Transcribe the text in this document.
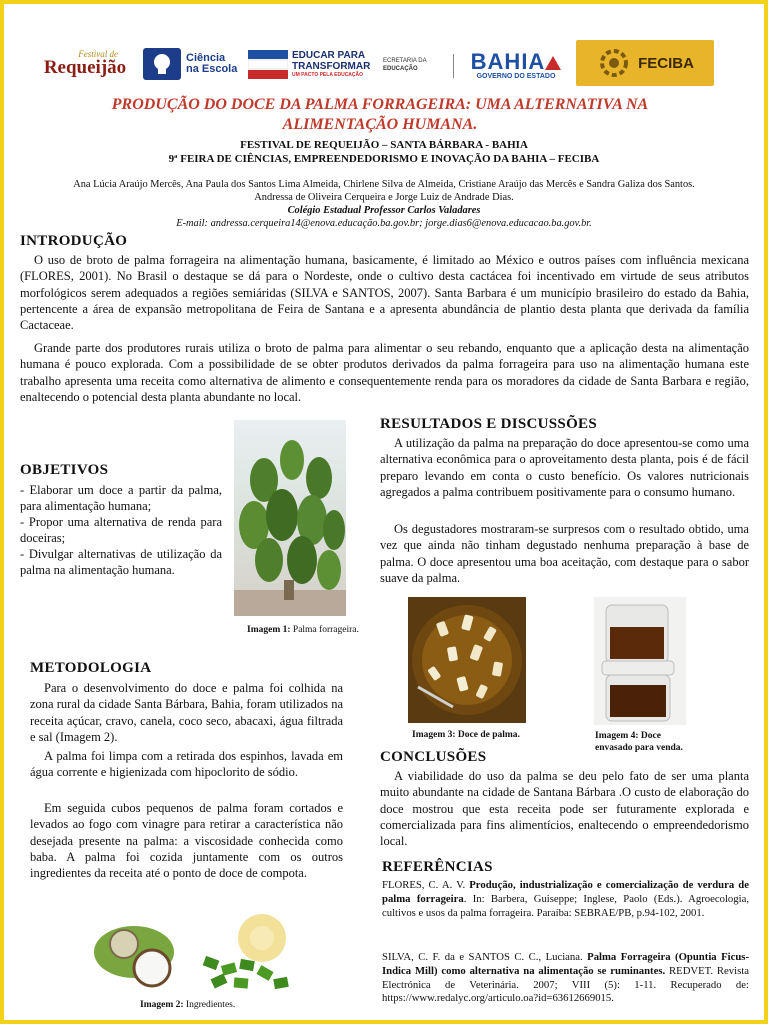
Festival de
Requeijão	Ciência
na Escola
EDUCAR PARA
TRANSFORMAR
UM PACTO PELA EDUCAÇÃO
ECRETARIA DA
EDUCAÇÃO BAHIA
GOVERNO DO ESTADO
FECIBA
PRODUÇÃO DO DOCE DA PALMA FORRAGEIRA: UMA ALTERNATIVA NA
ALIMENTAÇÃO HUMANA.
FESTIVAL DE REQUEIJÃO – SANTA BÁRBARA - BAHIA
9ª FEIRA DE CIÊNCIAS, EMPREENDEDORISMO E INOVAÇÃO DA BAHIA – FECIBA
Ana Lúcia Araújo Mercês, Ana Paula dos Santos Lima Almeida, Chirlene Silva de Almeida, Cristiane Araújo das Mercês e Sandra Galiza dos Santos.
Andressa de Oliveira Cerqueira e Jorge Luiz de Andrade Dias.
Colégio Estadual Professor Carlos Valadares
E-mail: andressa.cerqueira14@enova.educação.ba.gov.br; jorge.dias6@enova.educacao.ba.gov.br.
INTRODUÇÃO

O uso de broto de palma forrageira na alimentação humana, basicamente, é limitado ao México e outros países com influência mexicana (FLORES, 2001). No Brasil o destaque se dá para o Nordeste, onde o cultivo desta cactácea foi incentivado em virtude de seus atributos morfológicos serem adequados a regiões semiáridas (SILVA e SANTOS, 2007). Santa Barbara é um município brasileiro do estado da Bahia, pertencente a área de expansão metropolitana de Feira de Santana e a apresenta abundância de plantio desta planta que derivada da família Cactaceae.

Grande parte dos produtores rurais utiliza o broto de palma para alimentar o seu rebando, enquanto que a aplicação desta na alimentação humana é pouco explorada. Com a possibilidade de se obter produtos derivados da palma forrageira para uso na alimentação humana este trabalho apresenta uma receita como alternativa de alimento e consequentemente renda para os moradores da cidade de Santa Barbara e região, enaltecendo o potencial desta planta abundante no local.

OBJETIVOS
- Elaborar um doce a partir da palma, para alimentação humana;
- Propor uma alternativa de renda para doceiras;
- Divulgar alternativas de utilização da palma na alimentação humana.
Imagem 1: Palma forrageira.
RESULTADOS E DISCUSSÕES

A utilização da palma na preparação do doce apresentou-se como uma alternativa econômica para o aproveitamento desta planta, pois é de fácil preparo levando em conta o custo benefício. Os valores nutricionais agregados a palma contribuem positivamente para o consumo humano.

Os degustadores mostraram-se surpresos com o resultado obtido, uma vez que ainda não tinham degustado nenhuma preparação à base de palma. O doce apresentou uma boa aceitação, com destaque para o sabor suave da palma.

Imagem 3: Doce de palma.	Imagem 4: Doce
envasado para venda.
METODOLOGIA

Para o desenvolvimento do doce e palma foi colhida na zona rural da cidade Santa Bárbara, Bahia, foram utilizados na receita açúcar, cravo, canela, coco seco, abacaxi, água filtrada e sal (Imagem 2).

A palma foi limpa com a retirada dos espinhos, lavada em água corrente e higienizada com hipoclorito de sódio.

Em seguida cubos pequenos de palma foram cortados e levados ao fogo com vinagre para retirar a característica não desejada presente na palma: a viscosidade conhecida como baba. A palma foi cozida juntamente com os outros ingredientes da receita até o ponto de doce de compota.

Imagem 2: Ingredientes.
CONCLUSÕES

A viabilidade do uso da palma se deu pelo fato de ser uma planta muito abundante na cidade de Santana Bárbara .O custo de elaboração do doce mostrou que esta receita pode ser futuramente explorada e comercializada para fins alimentícios, enaltecendo o empreendedorismo local.

REFERÊNCIAS

FLORES, C. A. V. Produção, industrialização e comercialização de verdura de palma forrageira. In: Barbera, Guiseppe; Inglese, Paolo (Eds.). Agroecologia, cultivos e usos da palma forrageira. Paraíba: SEBRAE/PB, p.94-102, 2001.

SILVA, C. F. da e SANTOS C. C., Luciana. Palma Forrageira (Opuntia Ficus- Indica Mill) como alternativa na alimentação se ruminantes. REDVET. Revista Electrónica de Veterinária. 2007; VIII (5): 1-11. Recuperado de: https://www.redalyc.org/articulo.oa?id=63612669015.
